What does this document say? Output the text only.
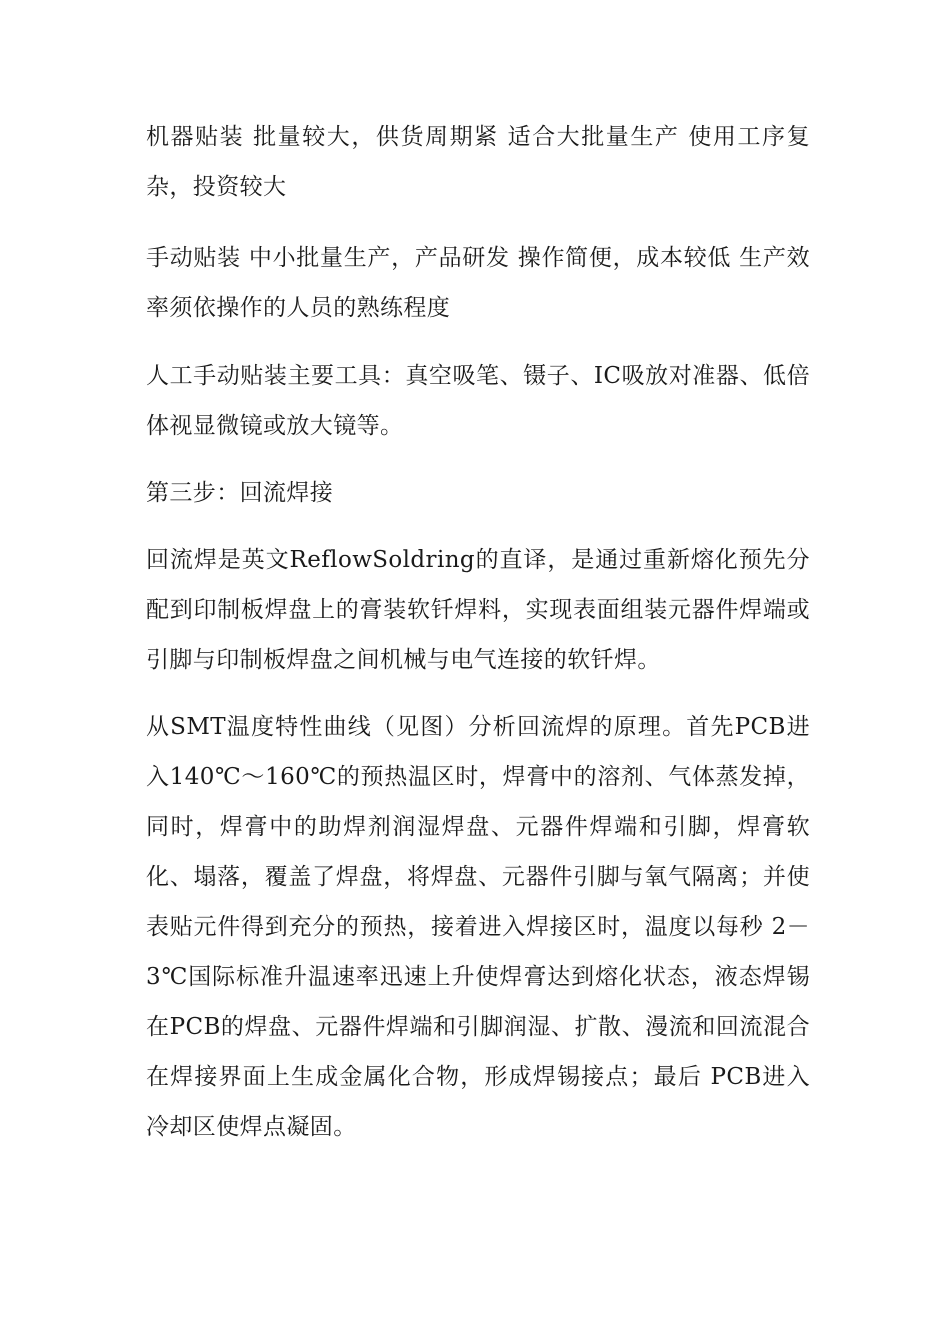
机器贴装 批量较大，供货周期紧 适合大批量生产 使用工序复杂，投资较大

手动贴装 中小批量生产，产品研发 操作简便，成本较低 生产效率须依操作的人员的熟练程度

人工手动贴装主要工具：真空吸笔、镊子、IC吸放对准器、低倍体视显微镜或放大镜等。

第三步：回流焊接

回流焊是英文ReflowSoldring的直译，是通过重新熔化预先分配到印制板焊盘上的膏装软钎焊料，实现表面组装元器件焊端或引脚与印制板焊盘之间机械与电气连接的软钎焊。

从SMT温度特性曲线（见图）分析回流焊的原理。首先PCB进入140℃～160℃的预热温区时，焊膏中的溶剂、气体蒸发掉，同时，焊膏中的助焊剂润湿焊盘、元器件焊端和引脚，焊膏软化、塌落，覆盖了焊盘，将焊盘、元器件引脚与氧气隔离；并使表贴元件得到充分的预热，接着进入焊接区时，温度以每秒 2－3℃国际标准升温速率迅速上升使焊膏达到熔化状态，液态焊锡在PCB的焊盘、元器件焊端和引脚润湿、扩散、漫流和回流混合在焊接界面上生成金属化合物，形成焊锡接点；最后 PCB进入冷却区使焊点凝固。
